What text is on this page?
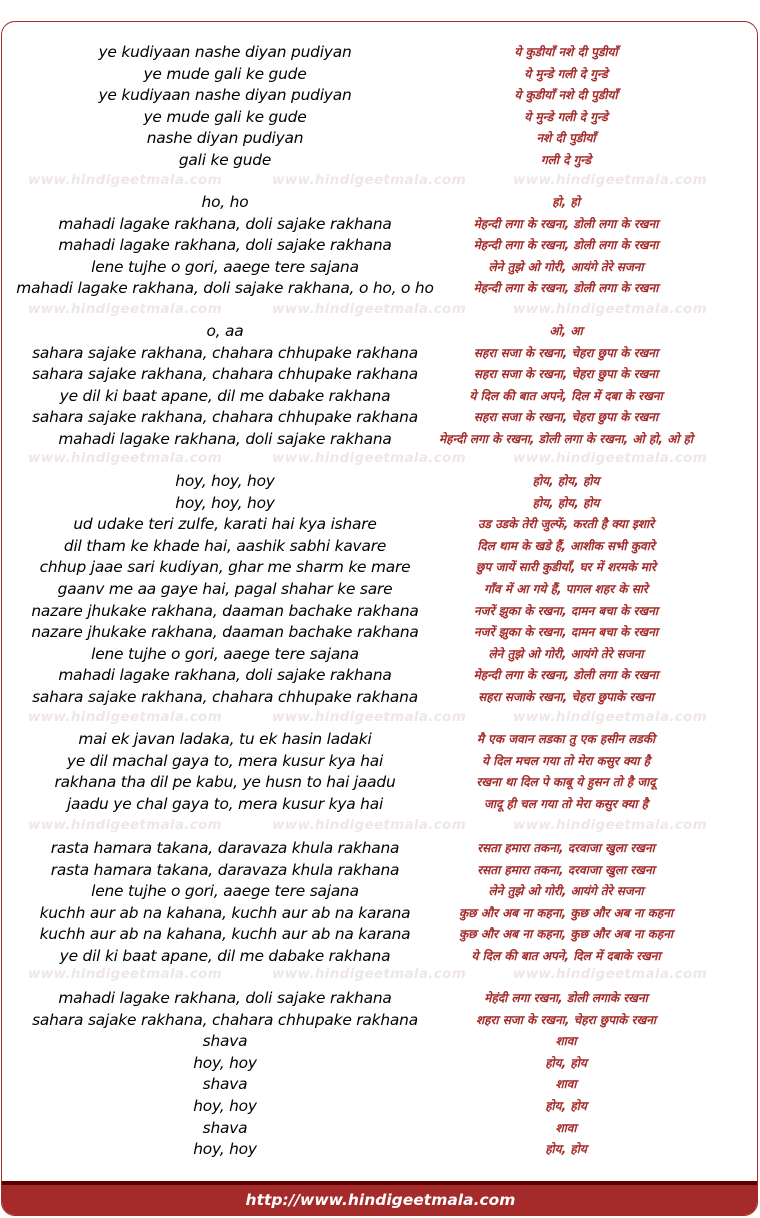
ye kudiyaan nashe diyan pudiyan	ये कुडीयाँ नशे दी पुडीयाँ
ye mude gali ke gude	ये मुन्डे गली दे गुन्डे
ye kudiyaan nashe diyan pudiyan	ये कुडीयाँ नशे दी पुडीयाँ
ye mude gali ke gude	ये मुन्डे गली दे गुन्डे
nashe diyan pudiyan	नशे दी पुडीयाँ
gali ke gude	गली दे गुन्डे
ho, ho	हो, हो
mahadi lagake rakhana, doli sajake rakhana	मेहन्दी लगा के रखना, डोली लगा के रखना
mahadi lagake rakhana, doli sajake rakhana	मेहन्दी लगा के रखना, डोली लगा के रखना
lene tujhe o gori, aaege tere sajana	लेने तुझे ओ गोरी, आयंगे तेरे सजना
mahadi lagake rakhana, doli sajake rakhana, o ho, o ho	मेहन्दी लगा के रखना, डोली लगा के रखना
o, aa	ओ, आ
sahara sajake rakhana, chahara chhupake rakhana	सहरा सजा के रखना, चेहरा छुपा के रखना
sahara sajake rakhana, chahara chhupake rakhana	सहरा सजा के रखना, चेहरा छुपा के रखना
ye dil ki baat apane, dil me dabake rakhana	ये दिल की बात अपने, दिल में दबा के रखना
sahara sajake rakhana, chahara chhupake rakhana	सहरा सजा के रखना, चेहरा छुपा के रखना
mahadi lagake rakhana, doli sajake rakhana	मेहन्दी लगा के रखना, डोली लगा के रखना, ओ हो, ओ हो
hoy, hoy, hoy	होय, होय, होय
hoy, hoy, hoy	होय, होय, होय
ud udake teri zulfe, karati hai kya ishare	उड उडके तेरी जुल्फें, करती है क्या इशारे
dil tham ke khade hai, aashik sabhi kavare	दिल थाम के खडे हैं, आशीक सभी कुवारे
chhup jaae sari kudiyan, ghar me sharm ke mare	छुप जायें सारी कुडीयाँ, घर में शरमके मारे
gaanv me aa gaye hai, pagal shahar ke sare	गाँव में आ गये हैं, पागल शहर के सारे
nazare jhukake rakhana, daaman bachake rakhana	नजरें झुका के रखना, दामन बचा के रखना
nazare jhukake rakhana, daaman bachake rakhana	नजरें झुका के रखना, दामन बचा के रखना
lene tujhe o gori, aaege tere sajana	लेने तुझे ओ गोरी, आयंगे तेरे सजना
mahadi lagake rakhana, doli sajake rakhana	मेहन्दी लगा के रखना, डोली लगा के रखना
sahara sajake rakhana, chahara chhupake rakhana	सहरा सजाके रखना, चेहरा छुपाके रखना
mai ek javan ladaka, tu ek hasin ladaki	मै एक जवान लडका तु एक हसीन लडकी
ye dil machal gaya to, mera kusur kya hai	ये दिल मचल गया तो मेरा कसुर क्या है
rakhana tha dil pe kabu, ye husn to hai jaadu	रखना था दिल पे काबू ये हुसन तो है जादू
jaadu ye chal gaya to, mera kusur kya hai	जादू ही चल गया तो मेरा कसुर क्या है
rasta hamara takana, daravaza khula rakhana	रसता हमारा तकना, दरवाजा खुला रखना
rasta hamara takana, daravaza khula rakhana	रसता हमारा तकना, दरवाजा खुला रखना
lene tujhe o gori, aaege tere sajana	लेने तुझे ओ गोरी, आयंगे तेरे सजना
kuchh aur ab na kahana, kuchh aur ab na karana	कुछ और अब ना कहना, कुछ और अब ना कहना
kuchh aur ab na kahana, kuchh aur ab na karana	कुछ और अब ना कहना, कुछ और अब ना कहना
ye dil ki baat apane, dil me dabake rakhana	ये दिल की बात अपने, दिल में दबाके रखना
mahadi lagake rakhana, doli sajake rakhana	मेहंदी लगा रखना, डोली लगाके रखना
sahara sajake rakhana, chahara chhupake rakhana	शहरा सजा के रखना, चेहरा छुपाके रखना
shava	शावा
hoy, hoy	होय, होय
shava	शावा
hoy, hoy	होय, होय
shava	शावा
hoy, hoy	होय, होय
www.hindigeetmala.com	www.hindigeetmala.com	www.hindigeetmala.com
www.hindigeetmala.com	www.hindigeetmala.com	www.hindigeetmala.com
www.hindigeetmala.com	www.hindigeetmala.com	www.hindigeetmala.com
www.hindigeetmala.com	www.hindigeetmala.com	www.hindigeetmala.com
www.hindigeetmala.com	www.hindigeetmala.com	www.hindigeetmala.com
www.hindigeetmala.com	www.hindigeetmala.com	www.hindigeetmala.com
http://www.hindigeetmala.com
